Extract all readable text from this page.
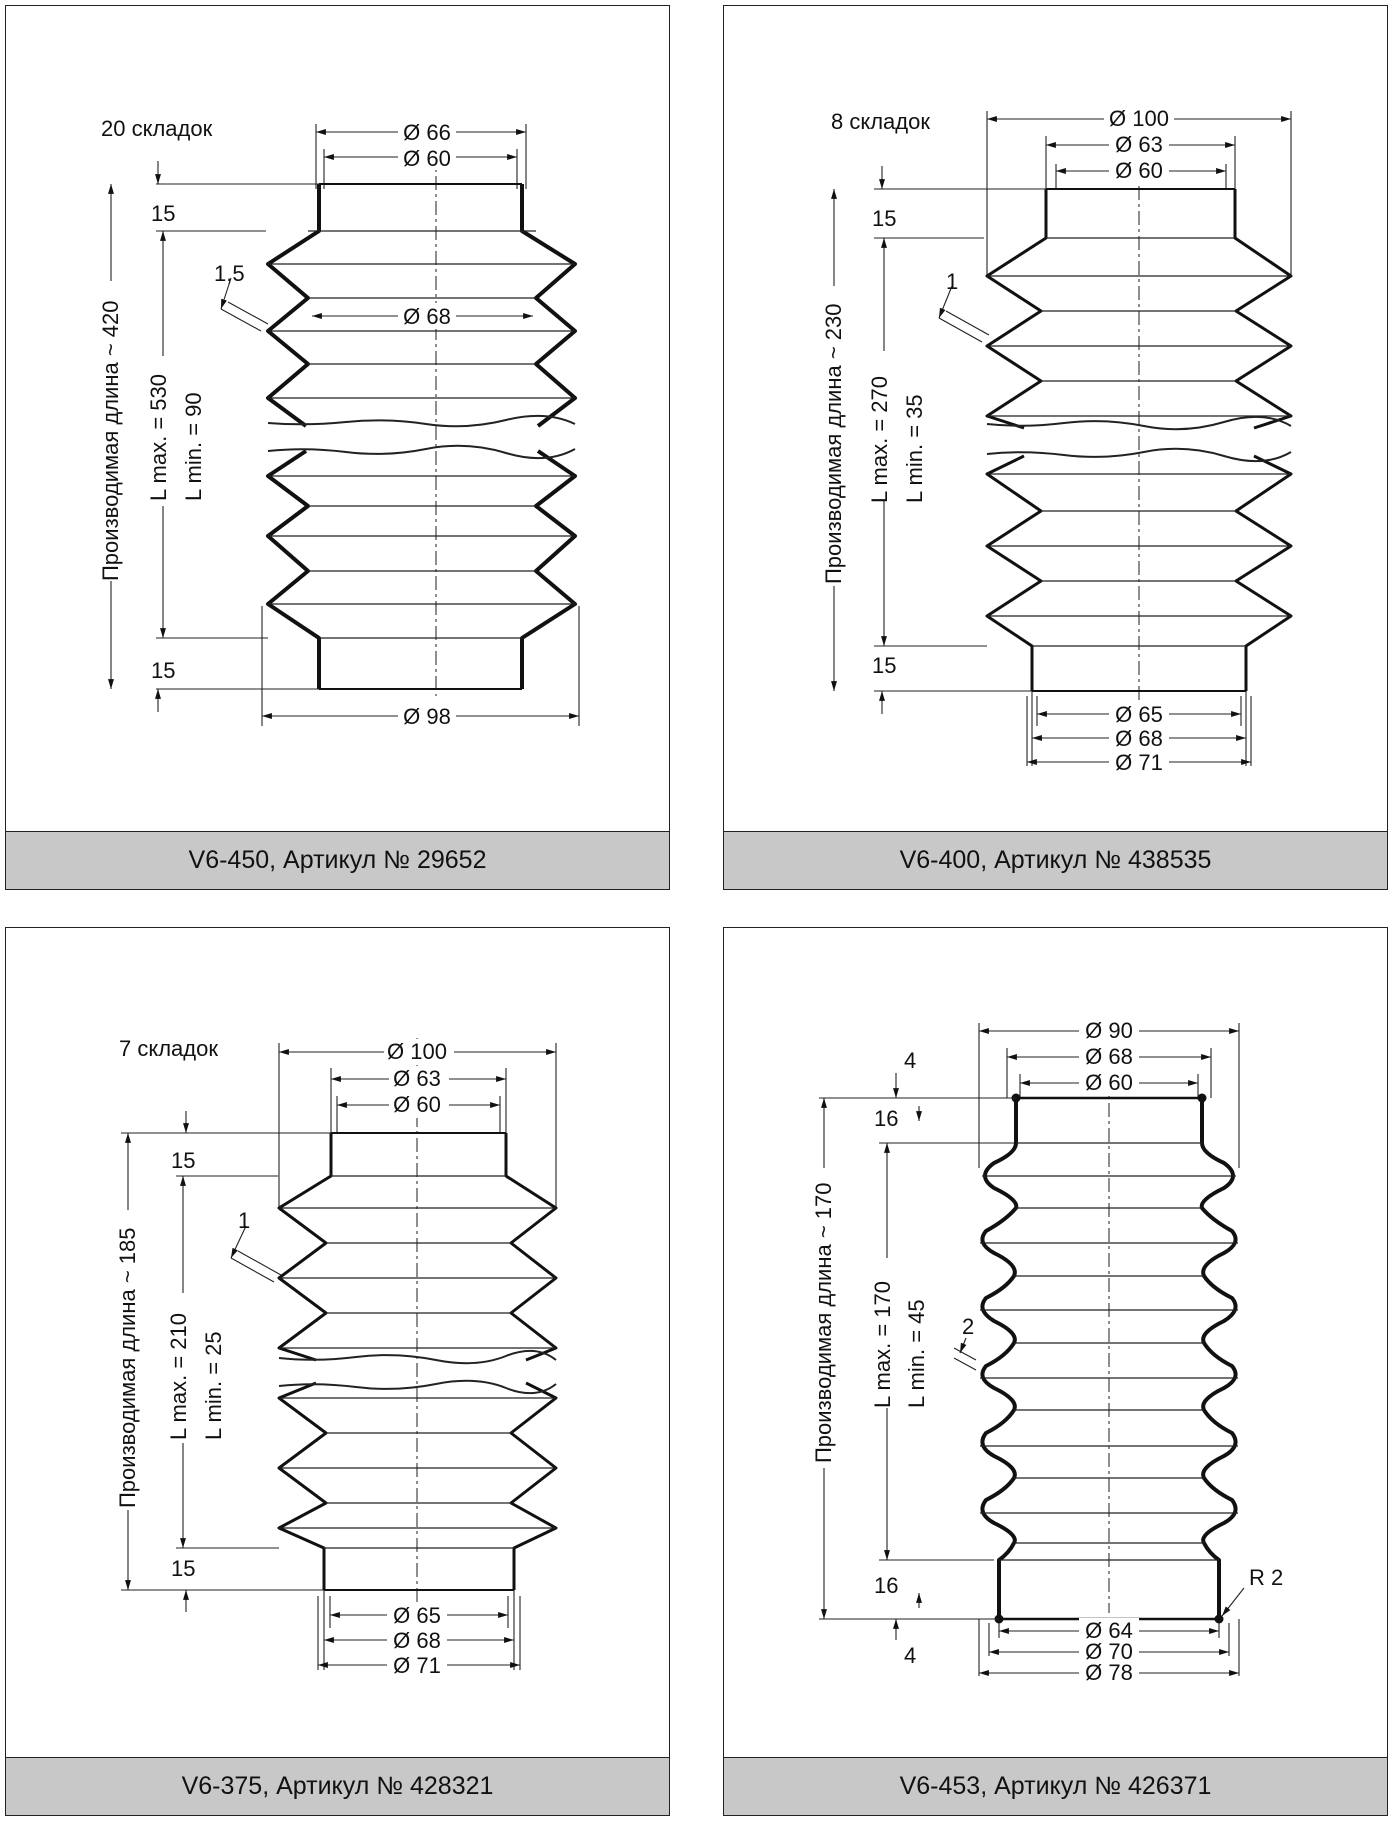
20 складок	Ø 66
Ø 60
Ø 68
Ø 98
1,5
Производимая длина ~ 420 L max. = 530 L min. = 90
15
15
V6-450, Артикул № 29652
8 складок	Ø 100
Ø 63
Ø 60
Ø 65
Ø 68
Ø 71
1
Производимая длина ~ 230 L max. = 270 L min. = 35
15
15
V6-400, Артикул № 438535
7 складок	Ø 100
Ø 63
Ø 60
Ø 65
Ø 68
Ø 71
1
Производимая длина ~ 185 L max. = 210 L min. = 25
15
15
V6-375, Артикул № 428321
Ø 90
Ø 68
Ø 60
Ø 64
Ø 70
Ø 78
R 2
2
Производимая длина ~ 170 L max. = 170 L min. = 45
4
16
16
4
V6-453, Артикул № 426371
